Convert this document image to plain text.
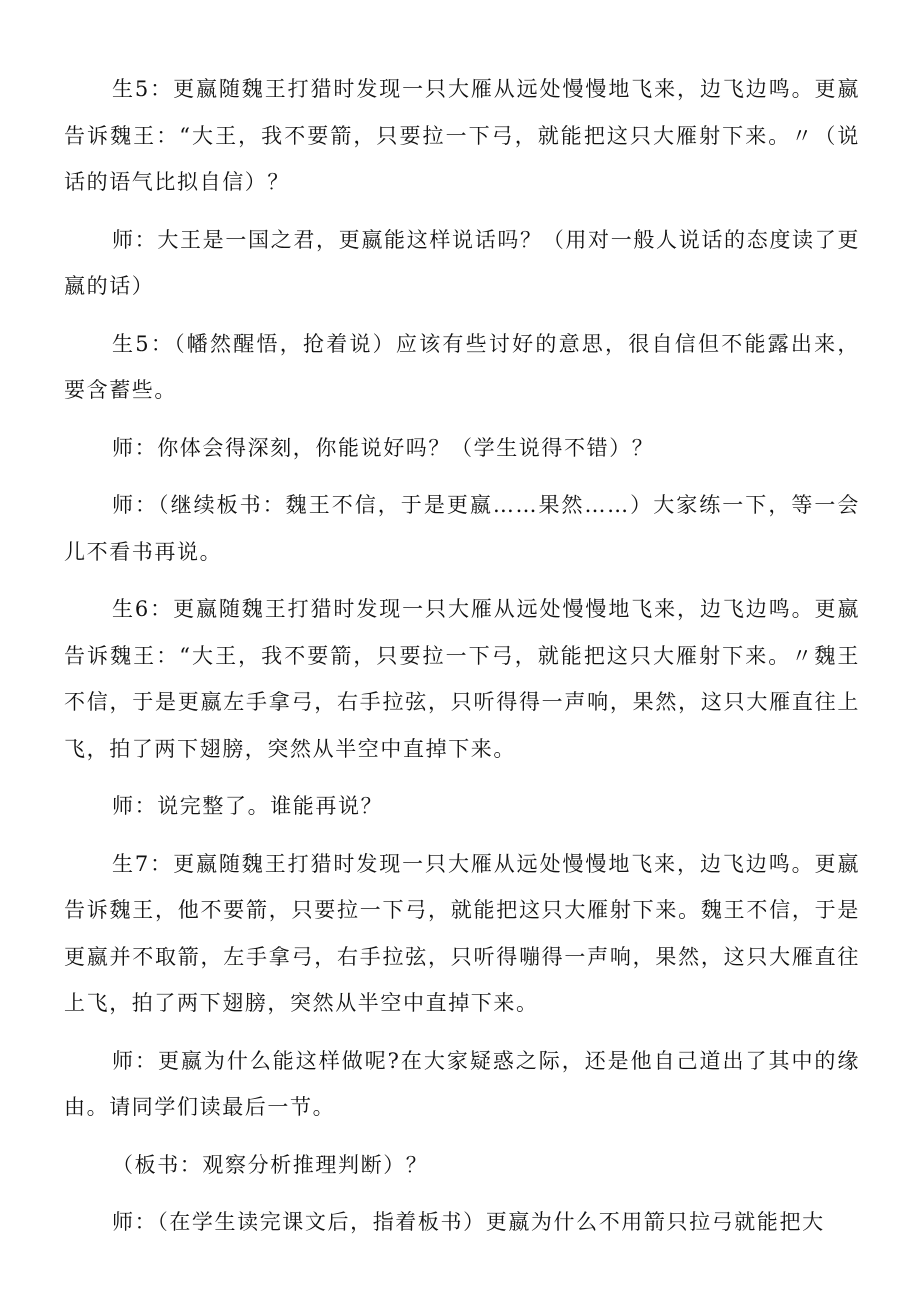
生5：更嬴随魏王打猎时发现一只大雁从远处慢慢地飞来，边飞边鸣。更嬴告诉魏王：“大王，我不要箭，只要拉一下弓，就能把这只大雁射下来。〃（说话的语气比拟自信）？

师：大王是一国之君，更嬴能这样说话吗？（用对一般人说话的态度读了更嬴的话）

生5：（幡然醒悟，抢着说）应该有些讨好的意思，很自信但不能露出来，要含蓄些。

师：你体会得深刻，你能说好吗？（学生说得不错）？

师：（继续板书：魏王不信，于是更嬴……果然……）大家练一下，等一会儿不看书再说。

生6：更嬴随魏王打猎时发现一只大雁从远处慢慢地飞来，边飞边鸣。更嬴告诉魏王：“大王，我不要箭，只要拉一下弓，就能把这只大雁射下来。〃魏王不信，于是更嬴左手拿弓，右手拉弦，只听得得一声响，果然，这只大雁直往上飞，拍了两下翅膀，突然从半空中直掉下来。

师：说完整了。谁能再说？

生7：更嬴随魏王打猎时发现一只大雁从远处慢慢地飞来，边飞边鸣。更嬴告诉魏王，他不要箭，只要拉一下弓，就能把这只大雁射下来。魏王不信，于是更嬴并不取箭，左手拿弓，右手拉弦，只听得嘣得一声响，果然，这只大雁直往上飞，拍了两下翅膀，突然从半空中直掉下来。

师：更嬴为什么能这样做呢?在大家疑惑之际，还是他自己道出了其中的缘由。请同学们读最后一节。

（板书：观察分析推理判断）？

师：（在学生读完课文后，指着板书）更嬴为什么不用箭只拉弓就能把大
